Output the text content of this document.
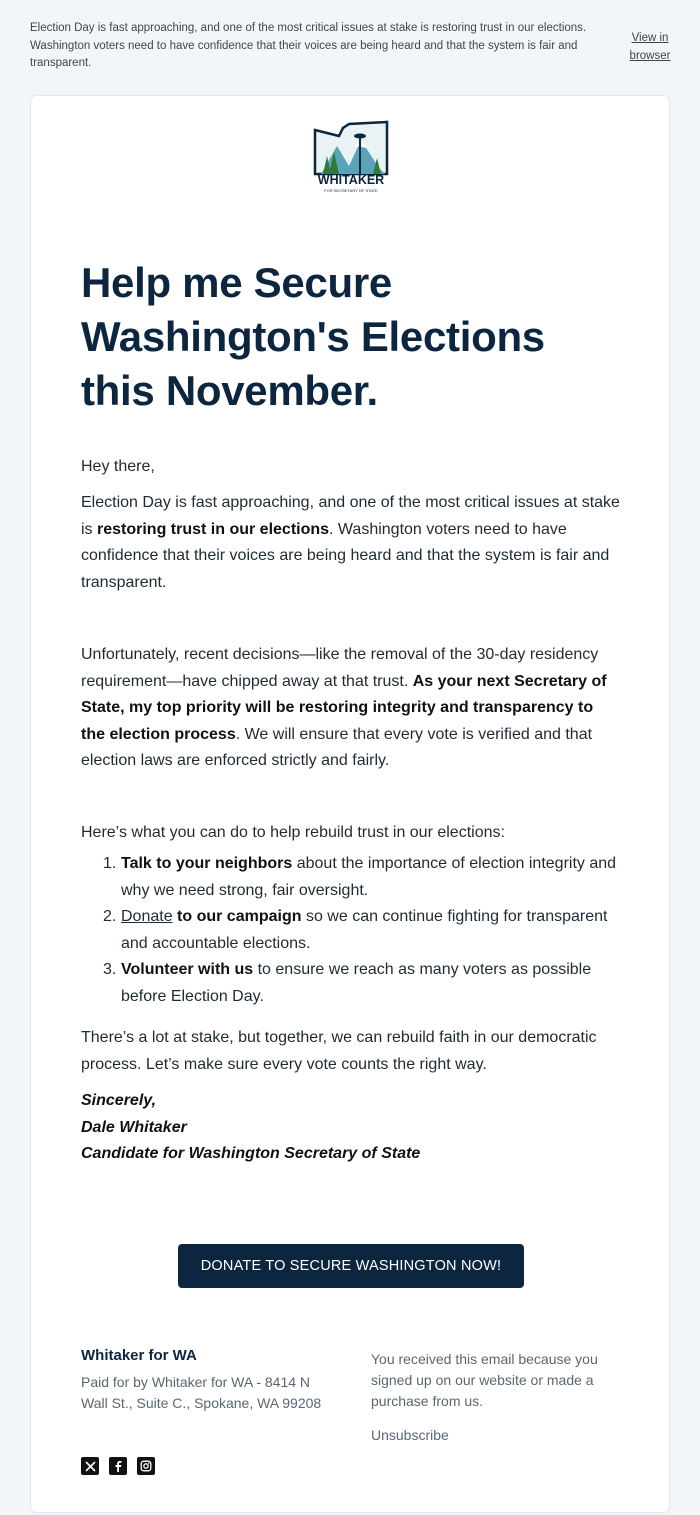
Election Day is fast approaching, and one of the most critical issues at stake is restoring trust in our elections. Washington voters need to have confidence that their voices are being heard and that the system is fair and transparent.
View in browser
WHITAKER
FOR SECRETARY OF STATE
Help me Secure Washington's Elections this November.

Hey there,

Election Day is fast approaching, and one of the most critical issues at stake is restoring trust in our elections. Washington voters need to have confidence that their voices are being heard and that the system is fair and transparent.

Unfortunately, recent decisions—like the removal of the 30-day residency requirement—have chipped away at that trust. As your next Secretary of State, my top priority will be restoring integrity and transparency to the election process. We will ensure that every vote is verified and that election laws are enforced strictly and fairly.

Here’s what you can do to help rebuild trust in our elections:

1. Talk to your neighbors about the importance of election integrity and why we need strong, fair oversight.
2. Donate to our campaign so we can continue fighting for transparent and accountable elections.
3. Volunteer with us to ensure we reach as many voters as possible before Election Day.

There’s a lot at stake, but together, we can rebuild faith in our democratic process. Let’s make sure every vote counts the right way.

Sincerely,
Dale Whitaker
Candidate for Washington Secretary of State
DONATE TO SECURE WASHINGTON NOW!
Whitaker for WA
Paid for by Whitaker for WA - 8414 N Wall St., Suite C., Spokane, WA 99208
You received this email because you signed up on our website or made a purchase from us.
Unsubscribe
